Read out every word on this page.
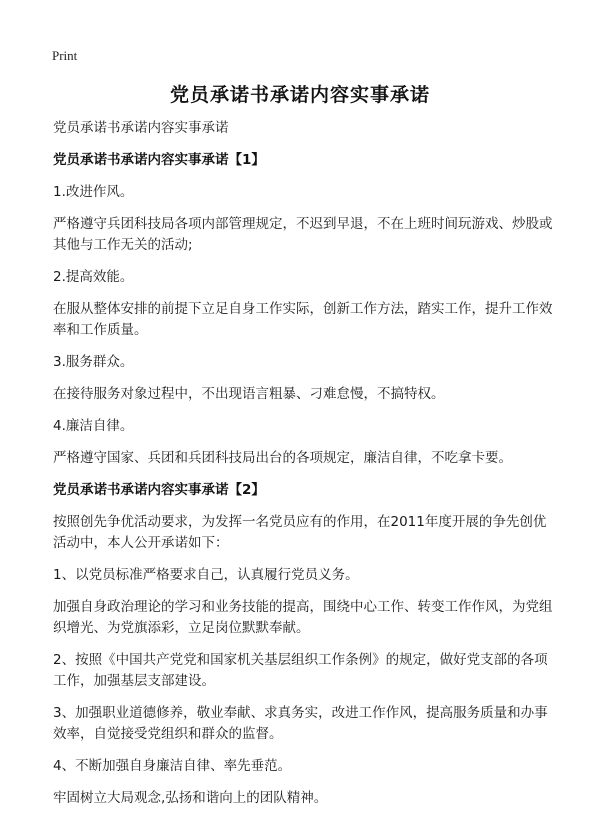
Print
党员承诺书承诺内容实事承诺
党员承诺书承诺内容实事承诺
党员承诺书承诺内容实事承诺【1】
1.改进作风。
严格遵守兵团科技局各项内部管理规定，不迟到早退，不在上班时间玩游戏、炒股或其他与工作无关的活动;
2.提高效能。
在服从整体安排的前提下立足自身工作实际，创新工作方法，踏实工作，提升工作效率和工作质量。
3.服务群众。
在接待服务对象过程中，不出现语言粗暴、刁难怠慢，不搞特权。
4.廉洁自律。
严格遵守国家、兵团和兵团科技局出台的各项规定，廉洁自律，不吃拿卡要。
党员承诺书承诺内容实事承诺【2】
按照创先争优活动要求，为发挥一名党员应有的作用，在2011年度开展的争先创优活动中，本人公开承诺如下：
1、以党员标准严格要求自己，认真履行党员义务。
加强自身政治理论的学习和业务技能的提高，围绕中心工作、转变工作作风，为党组织增光、为党旗添彩，立足岗位默默奉献。
2、按照《中国共产党党和国家机关基层组织工作条例》的规定，做好党支部的各项工作，加强基层支部建设。
3、加强职业道德修养，敬业奉献、求真务实，改进工作作风，提高服务质量和办事效率，自觉接受党组织和群众的监督。
4、不断加强自身廉洁自律、率先垂范。
牢固树立大局观念,弘扬和谐向上的团队精神。
